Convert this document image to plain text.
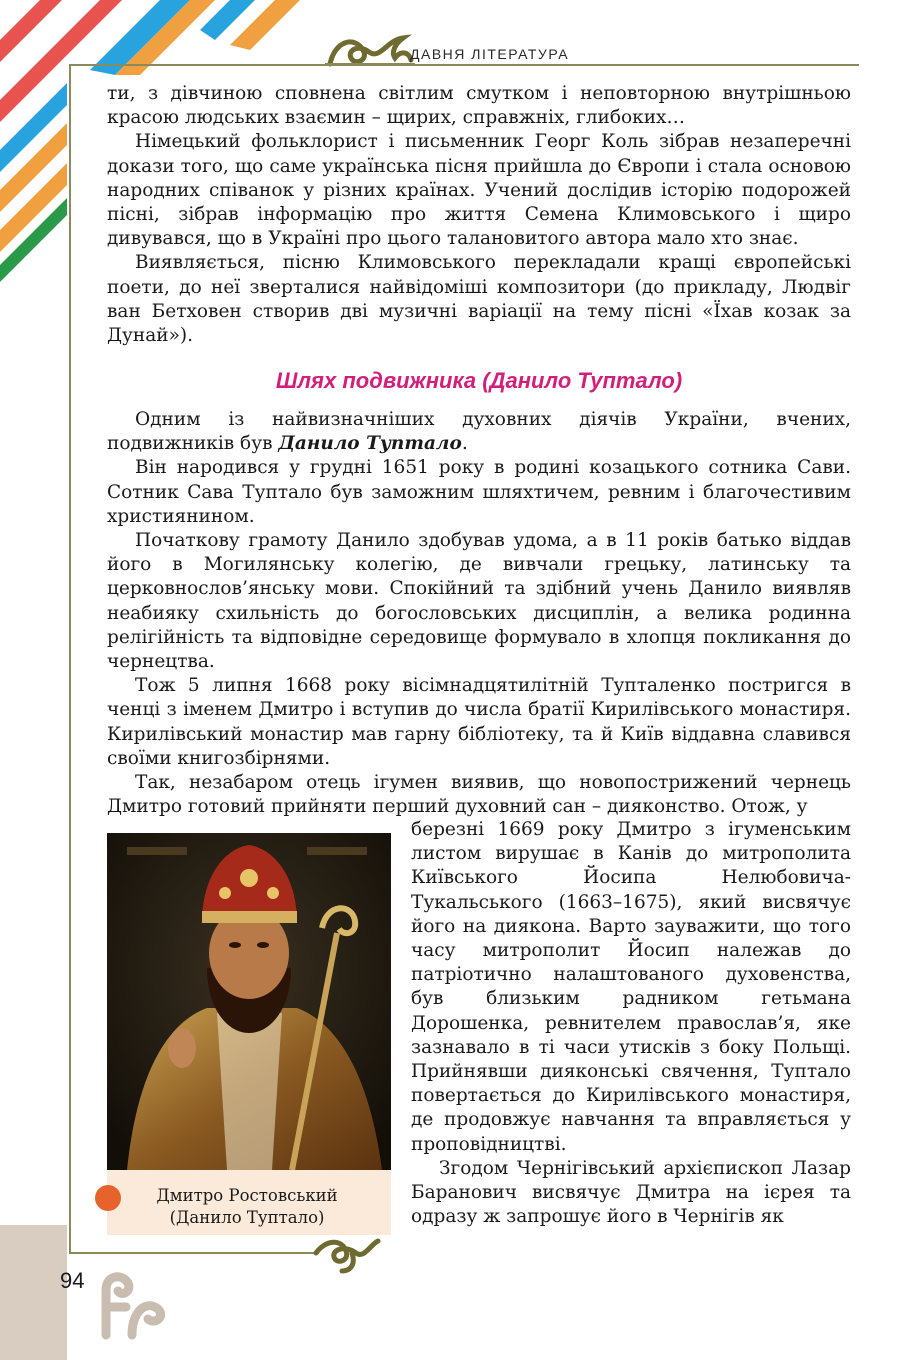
ДАВНЯ ЛІТЕРАТУРА

ти, з дівчиною сповнена світлим смутком і неповторною внутрішньою красою людських взаємин – щирих, справжніх, глибоких…

Німецький фольклорист і письменник Георг Коль зібрав незаперечні докази того, що саме українська пісня прийшла до Європи і стала основою народних співанок у різних країнах. Учений дослідив історію подорожей пісні, зібрав інформацію про життя Семена Климовського і щиро дивувався, що в Україні про цього талановитого автора мало хто знає.

Виявляється, пісню Климовського перекладали кращі європейські поети, до неї зверталися найвідоміші композитори (до прикладу, Людвіг ван Бетховен створив дві музичні варіації на тему пісні «Їхав козак за Дунай»).

Шлях подвижника (Данило Туптало)

Одним із найвизначніших духовних діячів України, вчених, подвижників був Данило Туптало.

Він народився у грудні 1651 року в родині козацького сотника Сави. Сотник Сава Туптало був заможним шляхтичем, ревним і благочестивим християнином.

Початкову грамоту Данило здобував удома, а в 11 років батько віддав його в Могилянську колегію, де вивчали грецьку, латинську та церковнослов’янську мови. Спокійний та здібний учень Данило виявляв неабияку схильність до богословських дисциплін, а велика родинна релігійність та відповідне середовище формувало в хлопця покликання до чернецтва.

Тож 5 липня 1668 року вісімнадцятилітній Тупталенко постригся в ченці з іменем Дмитро і вступив до числа братії Кирилівського монастиря. Кирилівський монастир мав гарну бібліотеку, та й Київ віддавна славився своїми книгозбірнями.

Так, незабаром отець ігумен виявив, що новопострижений чернець Дмитро готовий прийняти перший духовний сан – дияконство. Отож, у

Дмитро Ростовський
(Данило Туптало)

березні 1669 року Дмитро з ігуменським листом вирушає в Канів до митрополита Київського Йосипа Нелюбовича-Тукальського (1663–1675), який висвячує його на диякона. Варто зауважити, що того часу митрополит Йосип належав до патріотично налаштованого духовенства, був близьким радником гетьмана Дорошенка, ревнителем православ’я, яке зазнавало в ті часи утисків з боку Польщі. Прийнявши дияконські свячення, Туптало повертається до Кирилівського монастиря, де продовжує навчання та вправляється у проповідництві.

Згодом Чернігівський архієпископ Лазар Баранович висвячує Дмитра на ієрея та одразу ж запрошує його в Чернігів як

94
